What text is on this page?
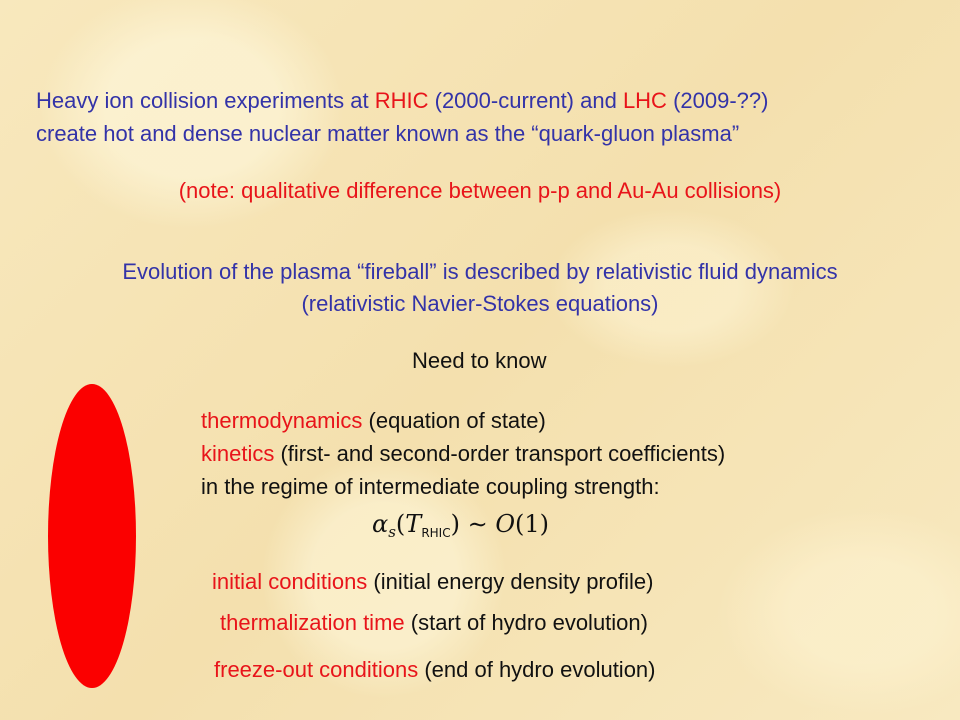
Heavy ion collision experiments at RHIC (2000-current) and LHC (2009-??)
create hot and dense nuclear matter known as the “quark-gluon plasma”
(note: qualitative difference between p-p and Au-Au collisions)
Evolution of the plasma “fireball” is described by relativistic fluid dynamics
(relativistic Navier-Stokes equations)
Need to know
thermodynamics (equation of state)
kinetics (first- and second-order transport coefficients)
in the regime of intermediate coupling strength:
$\alpha_s(T_{RHIC})$ ∼ O(1)
initial conditions (initial energy density profile)
thermalization time (start of hydro evolution)
freeze-out conditions (end of hydro evolution)
